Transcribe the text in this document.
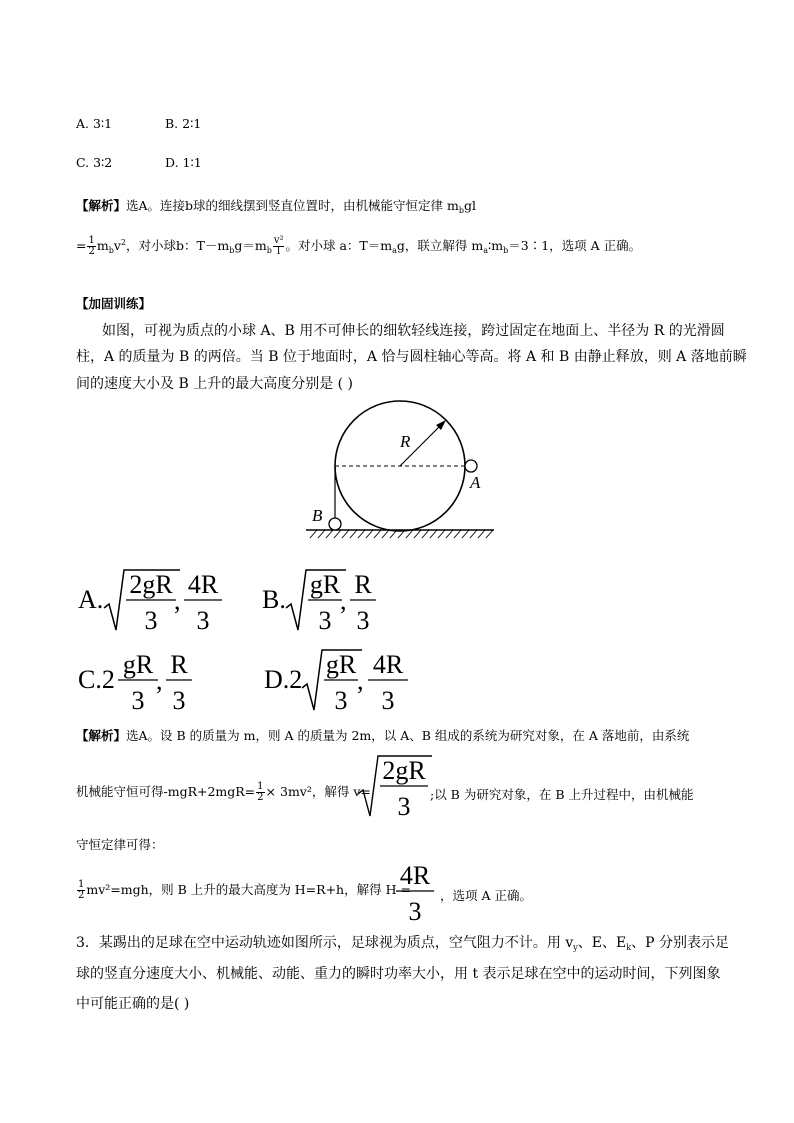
A. 3∶1	B. 2∶1
C. 3∶2	D. 1∶1
【解析】选A。连接b球的细线摆到竖直位置时，由机械能守恒定律 $m_bgl$
= $\frac{1}{2} m_bv^2$，对小球b：$T-m_bg=m_b \frac{\text{v²}}{l}$ 。对小球 a：$T=m_ag$，联立解得 $m_a∶m_b=3∶1$，选项 A 正确。
【加固训练】
如图，可视为质点的小球 A、B 用不可伸长的细软轻线连接，跨过固定在地面上、半径为 R 的光滑圆
柱，A 的质量为 B 的两倍。当 B 位于地面时，A 恰与圆柱轴心等高。将 A 和 B 由静止释放，则 A 落地前瞬
间的速度大小及 B 上升的最大高度分别是 ( )
R
A
B
A.
2gR
3
,
4R
3
B.
gR
3
,
R
3
C.2
gR
3
,
R
3
D.2
gR
3
,
4R
3
【解析】选A。设 B 的质量为 m，则 A 的质量为 2m，以 A、B 组成的系统为研究对象，在 A 落地前，由系统
机械能守恒可得$-mgR+2mgR= \frac{1}{2} \times 3mv^2$，解得 v=
2gR
3 ;以 B 为研究对象，在 B 上升过程中，由机械能
守恒定律可得：
$\frac{1}{2} mv^2=mgh$，则 B 上升的最大高度为 H=R+h，解得 H =
4R
3
，选项 A 正确。
3．某踢出的足球在空中运动轨迹如图所示，足球视为质点，空气阻力不计。用 $v_y$、E、$E_k$、P 分别表示足
球的竖直分速度大小、机械能、动能、重力的瞬时功率大小，用 t 表示足球在空中的运动时间，下列图象
中可能正确的是( )
